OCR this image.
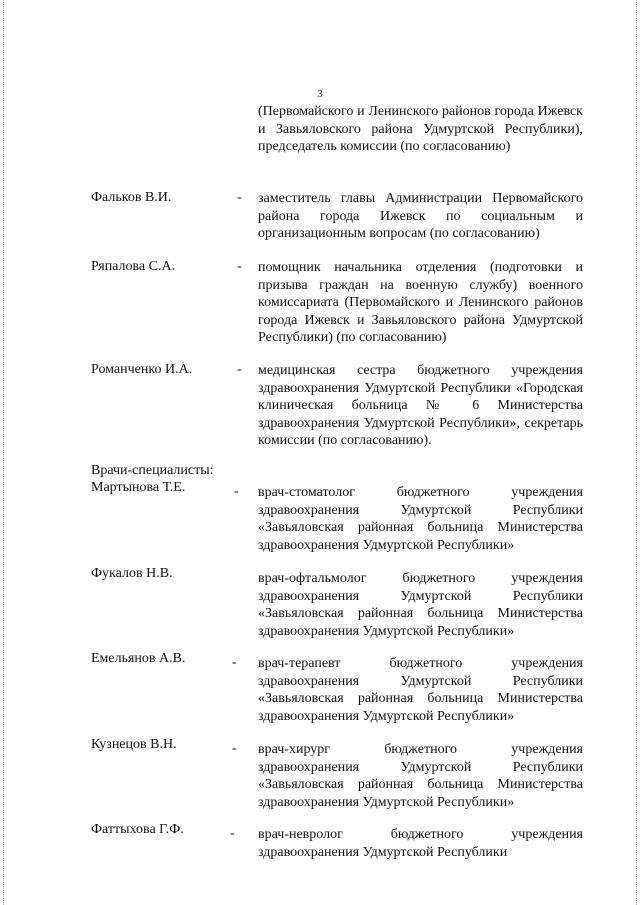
3
(Первомайского и Ленинского районов города Ижевск и Завьяловского района Удмуртской Республики), председатель комиссии (по согласованию)
Фальков В.И.	- заместитель главы Администрации Первомайского района города Ижевск по социальным и организационным вопросам (по согласованию)
Ряпалова С.А.	- помощник начальника отделения (подготовки и призыва граждан на военную службу) военного комиссариата (Первомайского и Ленинского районов города Ижевск и Завьяловского района Удмуртской Республики) (по согласованию)
Романченко И.А.	- медицинская сестра бюджетного учреждения здравоохранения Удмуртской Республики «Городская клиническая больница № 6 Министерства здравоохранения Удмуртской Республики», секретарь комиссии (по согласованию).
Врачи-специалисты:
Мартынова Т.Е.	- врач-стоматолог бюджетного учреждения здравоохранения Удмуртской Республики «Завьяловская районная больница Министерства здравоохранения Удмуртской Республики»
Фукалов Н.В.	врач-офтальмолог бюджетного учреждения здравоохранения Удмуртской Республики «Завьяловская районная больница Министерства здравоохранения Удмуртской Республики»
Емельянов А.В.	- врач-терапевт бюджетного учреждения здравоохранения Удмуртской Республики «Завьяловская районная больница Министерства здравоохранения Удмуртской Республики»
Кузнецов В.Н.	- врач-хирург бюджетного учреждения здравоохранения Удмуртской Республики «Завьяловская районная больница Министерства здравоохранения Удмуртской Республики»
Фаттыхова Г.Ф.	- врач-невролог бюджетного учреждения здравоохранения Удмуртской Республики
